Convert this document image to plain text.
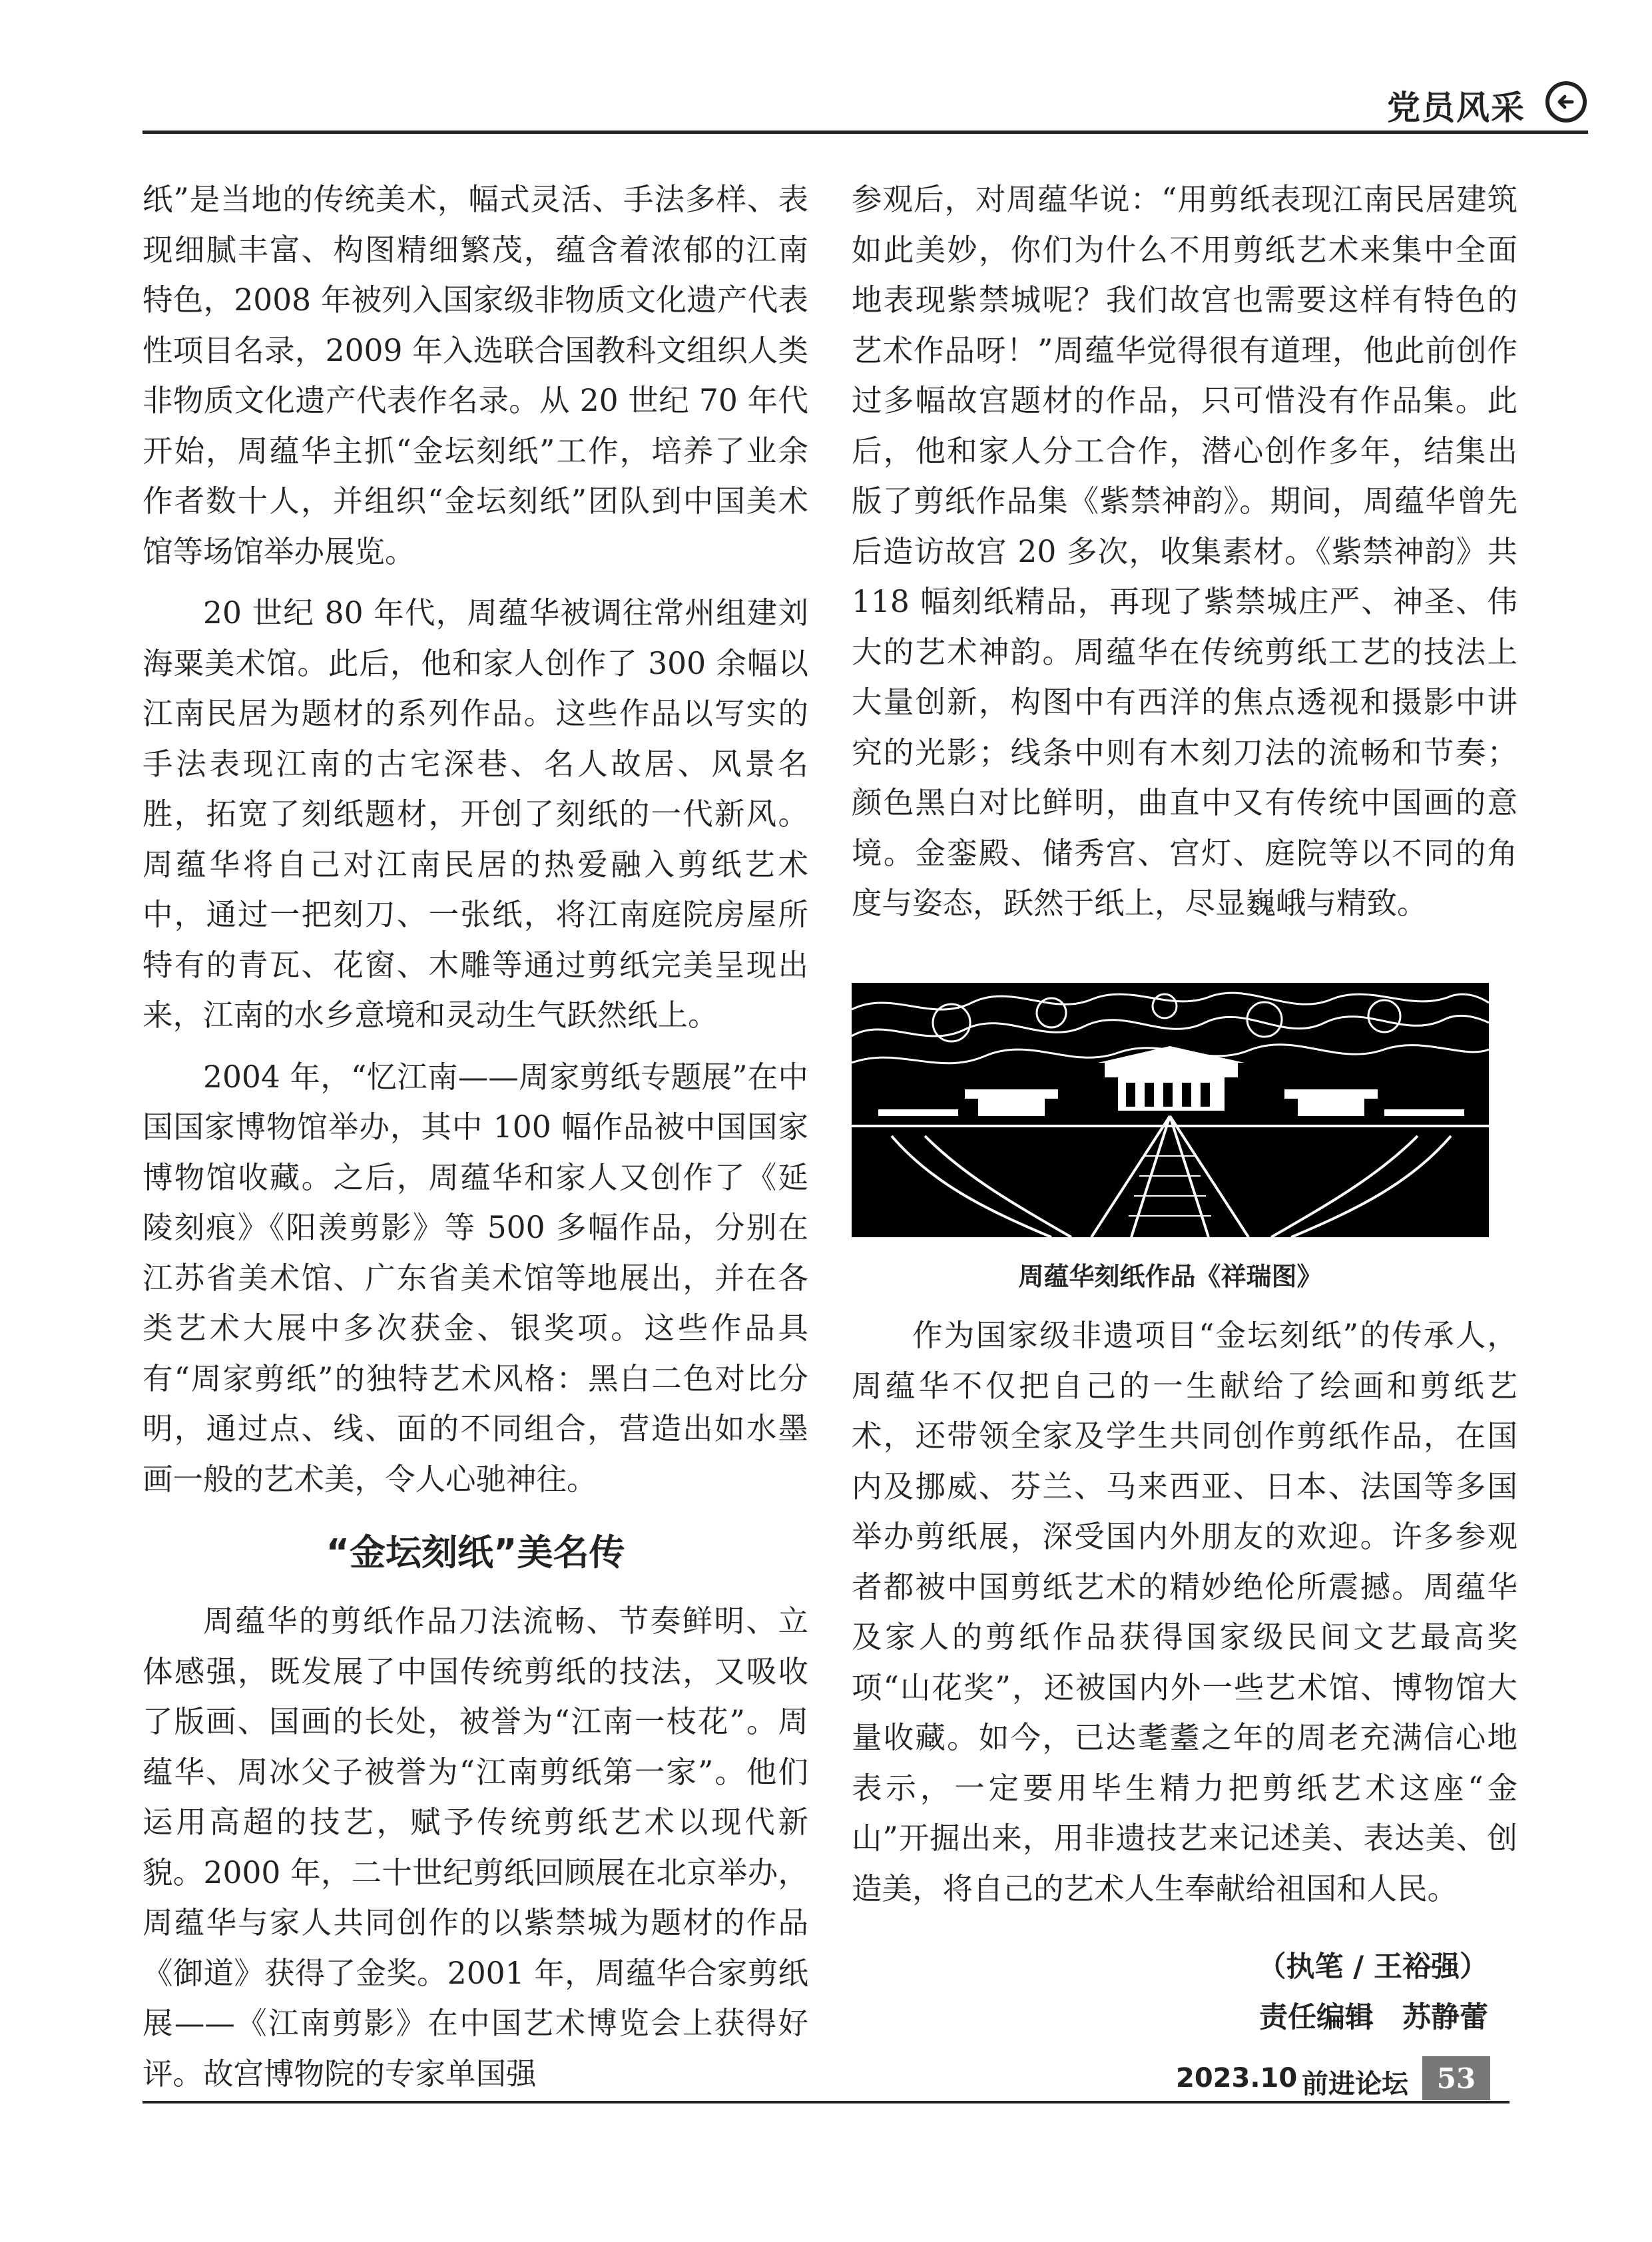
党员风采

纸”是当地的传统美术，幅式灵活、手法多样、表现细腻丰富、构图精细繁茂，蕴含着浓郁的江南特色，2008 年被列入国家级非物质文化遗产代表性项目名录，2009 年入选联合国教科文组织人类非物质文化遗产代表作名录。从 20 世纪 70 年代开始，周蕴华主抓“金坛刻纸”工作，培养了业余作者数十人，并组织“金坛刻纸”团队到中国美术馆等场馆举办展览。

20 世纪 80 年代，周蕴华被调往常州组建刘海粟美术馆。此后，他和家人创作了 300 余幅以江南民居为题材的系列作品。这些作品以写实的手法表现江南的古宅深巷、名人故居、风景名胜，拓宽了刻纸题材，开创了刻纸的一代新风。周蕴华将自己对江南民居的热爱融入剪纸艺术中，通过一把刻刀、一张纸，将江南庭院房屋所特有的青瓦、花窗、木雕等通过剪纸完美呈现出来，江南的水乡意境和灵动生气跃然纸上。

2004 年，“忆江南——周家剪纸专题展”在中国国家博物馆举办，其中 100 幅作品被中国国家博物馆收藏。之后，周蕴华和家人又创作了《延陵刻痕》《阳羡剪影》等 500 多幅作品，分别在江苏省美术馆、广东省美术馆等地展出，并在各类艺术大展中多次获金、银奖项。这些作品具有“周家剪纸”的独特艺术风格：黑白二色对比分明，通过点、线、面的不同组合，营造出如水墨画一般的艺术美，令人心驰神往。

“金坛刻纸”美名传

周蕴华的剪纸作品刀法流畅、节奏鲜明、立体感强，既发展了中国传统剪纸的技法，又吸收了版画、国画的长处，被誉为“江南一枝花”。周蕴华、周冰父子被誉为“江南剪纸第一家”。他们运用高超的技艺，赋予传统剪纸艺术以现代新貌。2000 年，二十世纪剪纸回顾展在北京举办，周蕴华与家人共同创作的以紫禁城为题材的作品《御道》获得了金奖。2001 年，周蕴华合家剪纸展——《江南剪影》在中国艺术博览会上获得好评。故宫博物院的专家单国强

参观后，对周蕴华说：“用剪纸表现江南民居建筑如此美妙，你们为什么不用剪纸艺术来集中全面地表现紫禁城呢？我们故宫也需要这样有特色的艺术作品呀！”周蕴华觉得很有道理，他此前创作过多幅故宫题材的作品，只可惜没有作品集。此后，他和家人分工合作，潜心创作多年，结集出版了剪纸作品集《紫禁神韵》。期间，周蕴华曾先后造访故宫 20 多次，收集素材。《紫禁神韵》共 118 幅刻纸精品，再现了紫禁城庄严、神圣、伟大的艺术神韵。周蕴华在传统剪纸工艺的技法上大量创新，构图中有西洋的焦点透视和摄影中讲究的光影；线条中则有木刻刀法的流畅和节奏；颜色黑白对比鲜明，曲直中又有传统中国画的意境。金銮殿、储秀宫、宫灯、庭院等以不同的角度与姿态，跃然于纸上，尽显巍峨与精致。

周蕴华刻纸作品《祥瑞图》

作为国家级非遗项目“金坛刻纸”的传承人，周蕴华不仅把自己的一生献给了绘画和剪纸艺术，还带领全家及学生共同创作剪纸作品，在国内及挪威、芬兰、马来西亚、日本、法国等多国举办剪纸展，深受国内外朋友的欢迎。许多参观者都被中国剪纸艺术的精妙绝伦所震撼。周蕴华及家人的剪纸作品获得国家级民间文艺最高奖项“山花奖”，还被国内外一些艺术馆、博物馆大量收藏。如今，已达耄耋之年的周老充满信心地表示，一定要用毕生精力把剪纸艺术这座“金山”开掘出来，用非遗技艺来记述美、表达美、创造美，将自己的艺术人生奉献给祖国和人民。

（执笔 / 王裕强）
责任编辑　苏静蕾
2023.10 前进论坛	53
